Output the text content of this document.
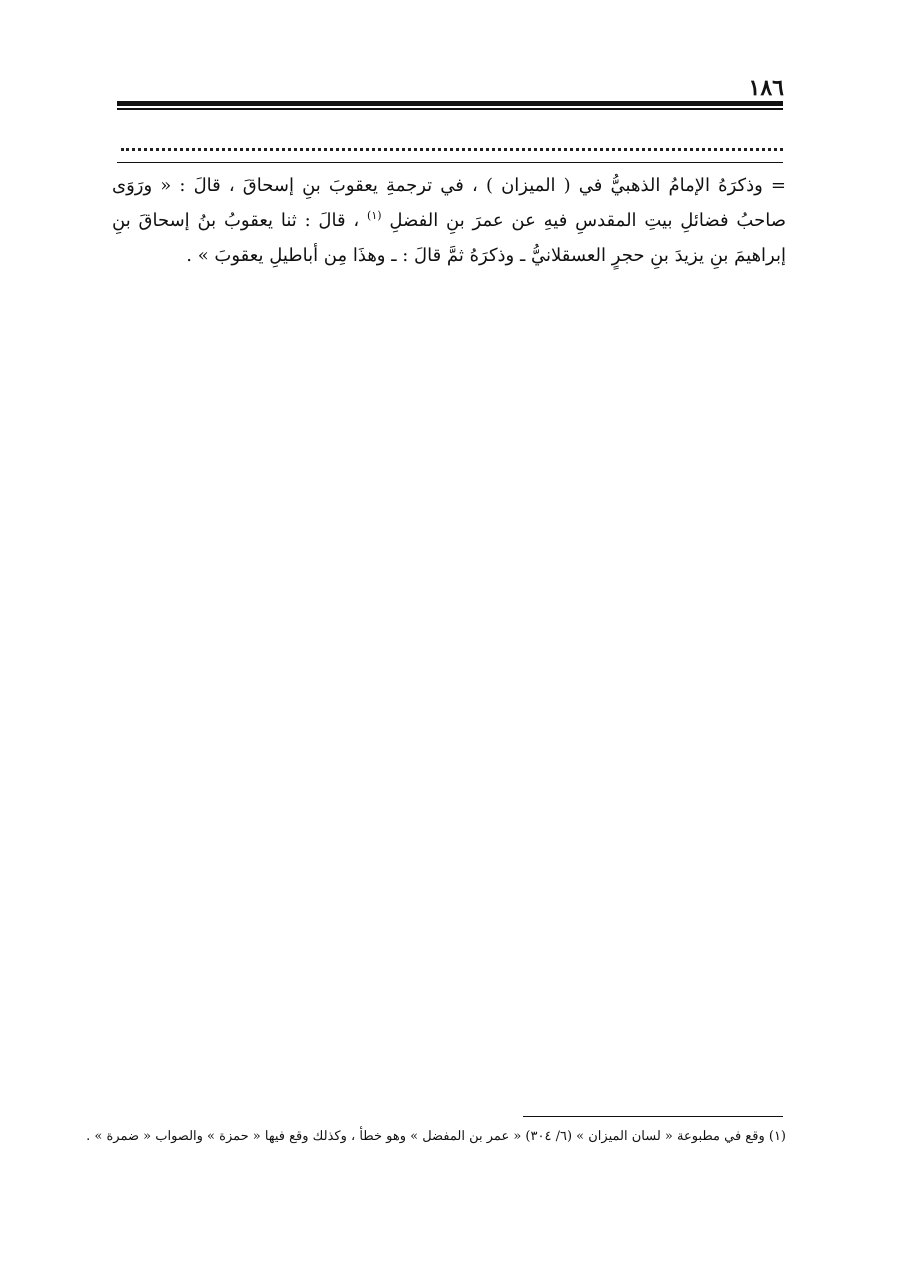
١٨٦

= وذكرَهُ الإمامُ الذهبيُّ في ( الميزان ) ، في ترجمةِ يعقوبَ بنِ إسحاقَ ، قالَ : « ورَوَى صاحبُ فضائلِ بيتِ المقدسِ فيهِ عن عمرَ بنِ الفضلِ $^{(١)}$ ، قالَ : ثنا يعقوبُ بنُ إسحاقَ بنِ إبراهيمَ بنِ يزيدَ بنِ حجرٍ العسقلانيُّ ـ وذكرَهُ ثمَّ قالَ : ـ وهذَا مِن أباطيلِ يعقوبَ » .

(١) وقع في مطبوعة « لسان الميزان » (٦/ ٣٠٤) « عمر بن المفضل » وهو خطأ ، وكذلك وقع فيها « حمزة » والصواب « ضمرة » .
